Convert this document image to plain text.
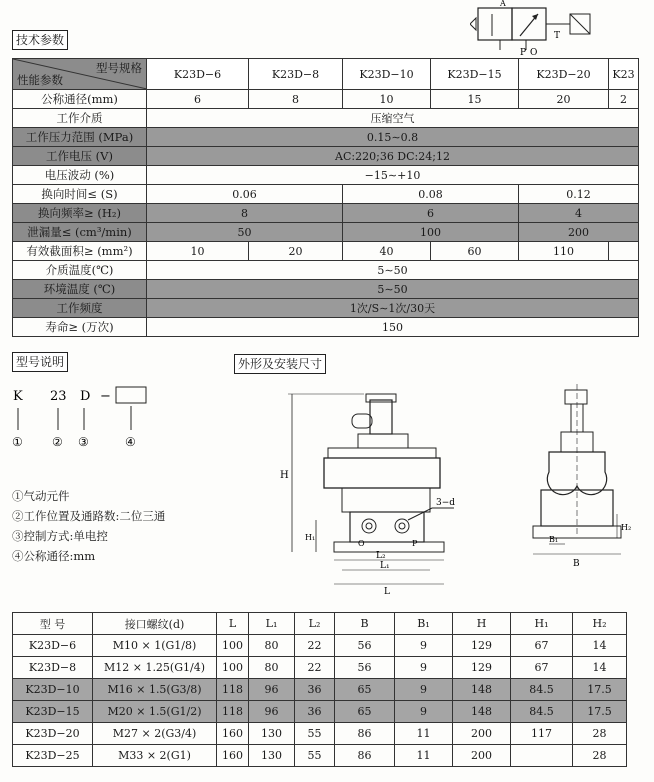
P O
T
A
技术参数
型号规格
性能参数	K23D−6	K23D−8	K23D−10	K23D−15	K23D−20	K23
公称通径(mm)	6	8	10	15	20	2
工作介质	压缩空气					
工作压力范围 (MPa)	0.15∼0.8					
工作电压 (V)	AC:220;36 DC:24;12					
电压波动 (%)	−15∼+10					
换向时间≤ (S)	0.06		0.08		0.12	
换向频率≥ (H₂)	8		6		4	
泄漏量≤ (cm³/min)	50		100		200	
有效截面积≥ (mm²)	10	20	40	60	110	
介质温度(℃)	5∼50					
环境温度 (℃)	5∼50					
工作频度	1次/S∼1次/30天					
寿命≥ (万次)	150					
型号说明
K 23 D −
① ② ③	④
①气动元件
②工作位置及通路数:二位三通
③控制方式:单电控
④公称通径:mm
外形及安装尺寸
O	P
3−d
H
H₁
L₂
L₁
L
B
B₁
H₂
型 号	接口螺纹(d)	L	L₁	L₂	B	B₁	H	H₁	H₂
K23D−6	M10 × 1(G1/8)	100	80	22	56	9	129	67	14
K23D−8	M12 × 1.25(G1/4)	100	80	22	56	9	129	67	14
K23D−10	M16 × 1.5(G3/8)	118	96	36	65	9	148	84.5	17.5
K23D−15	M20 × 1.5(G1/2)	118	96	36	65	9	148	84.5	17.5
K23D−20	M27 × 2(G3/4)	160	130	55	86	11	200	117	28
K23D−25	M33 × 2(G1)	160	130	55	86	11	200		28
